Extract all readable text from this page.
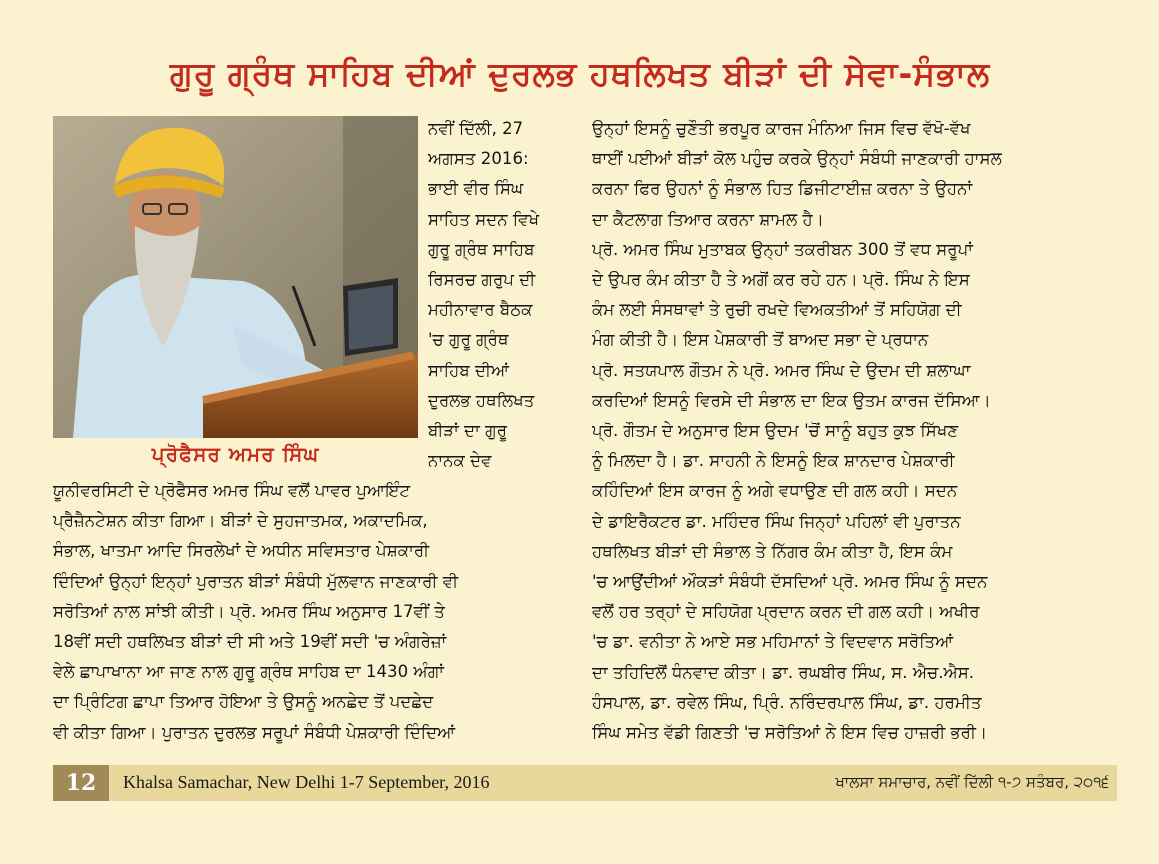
ਗੁਰੂ ਗ੍ਰੰਥ ਸਾਹਿਬ ਦੀਆਂ ਦੁਰਲਭ ਹਥਲਿਖਤ ਬੀੜਾਂ ਦੀ ਸੇਵਾ-ਸੰਭਾਲ
ਪ੍ਰੋਫੈਸਰ ਅਮਰ ਸਿੰਘ
ਨਵੀਂ ਦਿੱਲੀ, 27
ਅਗਸਤ 2016:
ਭਾਈ ਵੀਰ ਸਿੰਘ
ਸਾਹਿਤ ਸਦਨ ਵਿਖੇ
ਗੁਰੂ ਗ੍ਰੰਥ ਸਾਹਿਬ
ਰਿਸਰਚ ਗਰੁਪ ਦੀ
ਮਹੀਨਾਵਾਰ ਬੈਠਕ
'ਚ ਗੁਰੂ ਗ੍ਰੰਥ
ਸਾਹਿਬ ਦੀਆਂ
ਦੁਰਲਭ ਹਥਲਿਖਤ
ਬੀੜਾਂ ਦਾ ਗੁਰੂ
ਨਾਨਕ ਦੇਵ
ਯੂਨੀਵਰਸਿਟੀ ਦੇ ਪ੍ਰੋਫੈਸਰ ਅਮਰ ਸਿੰਘ ਵਲੋਂ ਪਾਵਰ ਪੁਆਇੰਟ
ਪ੍ਰੈਜ਼ੈਨਟੇਸ਼ਨ ਕੀਤਾ ਗਿਆ। ਬੀੜਾਂ ਦੇ ਸੁਹਜਾਤਮਕ, ਅਕਾਦਮਿਕ,
ਸੰਭਾਲ, ਖਾਤਮਾ ਆਦਿ ਸਿਰਲੇਖਾਂ ਦੇ ਅਧੀਨ ਸਵਿਸਤਾਰ ਪੇਸ਼ਕਾਰੀ
ਦਿੰਦਿਆਂ ਉਨ੍ਹਾਂ ਇਨ੍ਹਾਂ ਪੁਰਾਤਨ ਬੀੜਾਂ ਸੰਬੰਧੀ ਮੁੱਲਵਾਨ ਜਾਣਕਾਰੀ ਵੀ
ਸਰੋਤਿਆਂ ਨਾਲ ਸਾਂਝੀ ਕੀਤੀ। ਪ੍ਰੋ. ਅਮਰ ਸਿੰਘ ਅਨੁਸਾਰ 17ਵੀਂ ਤੇ
18ਵੀਂ ਸਦੀ ਹਥਲਿਖਤ ਬੀੜਾਂ ਦੀ ਸੀ ਅਤੇ 19ਵੀਂ ਸਦੀ 'ਚ ਅੰਗਰੇਜ਼ਾਂ
ਵੇਲੇ ਛਾਪਾਖਾਨਾ ਆ ਜਾਣ ਨਾਲ ਗੁਰੂ ਗ੍ਰੰਥ ਸਾਹਿਬ ਦਾ 1430 ਅੰਗਾਂ
ਦਾ ਪ੍ਰਿੰਟਿਗ ਛਾਪਾ ਤਿਆਰ ਹੋਇਆ ਤੇ ਉਸਨੂੰ ਅਨਛੇਦ ਤੋਂ ਪਦਛੇਦ
ਵੀ ਕੀਤਾ ਗਿਆ। ਪੁਰਾਤਨ ਦੁਰਲਭ ਸਰੂਪਾਂ ਸੰਬੰਧੀ ਪੇਸ਼ਕਾਰੀ ਦਿੰਦਿਆਂ
ਉਨ੍ਹਾਂ ਇਸਨੂੰ ਚੁਣੌਤੀ ਭਰਪੂਰ ਕਾਰਜ ਮੰਨਿਆ ਜਿਸ ਵਿਚ ਵੱਖੋ-ਵੱਖ
ਥਾਈਂ ਪਈਆਂ ਬੀੜਾਂ ਕੋਲ ਪਹੁੰਚ ਕਰਕੇ ਉਨ੍ਹਾਂ ਸੰਬੰਧੀ ਜਾਣਕਾਰੀ ਹਾਸਲ
ਕਰਨਾ ਫਿਰ ਉਹਨਾਂ ਨੂੰ ਸੰਭਾਲ ਹਿਤ ਡਿਜੀਟਾਈਜ਼ ਕਰਨਾ ਤੇ ਉਹਨਾਂ
ਦਾ ਕੈਟਲਾਗ ਤਿਆਰ ਕਰਨਾ ਸ਼ਾਮਲ ਹੈ।
ਪ੍ਰੋ. ਅਮਰ ਸਿੰਘ ਮੁਤਾਬਕ ਉਨ੍ਹਾਂ ਤਕਰੀਬਨ 300 ਤੋਂ ਵਧ ਸਰੂਪਾਂ
ਦੇ ਉਪਰ ਕੰਮ ਕੀਤਾ ਹੈ ਤੇ ਅਗੋਂ ਕਰ ਰਹੇ ਹਨ। ਪ੍ਰੋ. ਸਿੰਘ ਨੇ ਇਸ
ਕੰਮ ਲਈ ਸੰਸਥਾਵਾਂ ਤੇ ਰੁਚੀ ਰਖਦੇ ਵਿਅਕਤੀਆਂ ਤੋਂ ਸਹਿਯੋਗ ਦੀ
ਮੰਗ ਕੀਤੀ ਹੈ। ਇਸ ਪੇਸ਼ਕਾਰੀ ਤੋਂ ਬਾਅਦ ਸਭਾ ਦੇ ਪ੍ਰਧਾਨ
ਪ੍ਰੋ. ਸਤਯਪਾਲ ਗੌਤਮ ਨੇ ਪ੍ਰੋ. ਅਮਰ ਸਿੰਘ ਦੇ ਉਦਮ ਦੀ ਸ਼ਲਾਘਾ
ਕਰਦਿਆਂ ਇਸਨੂੰ ਵਿਰਸੇ ਦੀ ਸੰਭਾਲ ਦਾ ਇਕ ਉਤਮ ਕਾਰਜ ਦੱਸਿਆ।
ਪ੍ਰੋ. ਗੌਤਮ ਦੇ ਅਨੁਸਾਰ ਇਸ ਉਦਮ 'ਚੋਂ ਸਾਨੂੰ ਬਹੁਤ ਕੁਝ ਸਿੱਖਣ
ਨੂੰ ਮਿਲਦਾ ਹੈ। ਡਾ. ਸਾਹਨੀ ਨੇ ਇਸਨੂੰ ਇਕ ਸ਼ਾਨਦਾਰ ਪੇਸ਼ਕਾਰੀ
ਕਹਿੰਦਿਆਂ ਇਸ ਕਾਰਜ ਨੂੰ ਅਗੇ ਵਧਾਉਣ ਦੀ ਗਲ ਕਹੀ। ਸਦਨ
ਦੇ ਡਾਇਰੈਕਟਰ ਡਾ. ਮਹਿੰਦਰ ਸਿੰਘ ਜਿਨ੍ਹਾਂ ਪਹਿਲਾਂ ਵੀ ਪੁਰਾਤਨ
ਹਥਲਿਖਤ ਬੀੜਾਂ ਦੀ ਸੰਭਾਲ ਤੇ ਨਿੱਗਰ ਕੰਮ ਕੀਤਾ ਹੈ, ਇਸ ਕੰਮ
'ਚ ਆਉਂਦੀਆਂ ਔਕੜਾਂ ਸੰਬੰਧੀ ਦੱਸਦਿਆਂ ਪ੍ਰੋ. ਅਮਰ ਸਿੰਘ ਨੂੰ ਸਦਨ
ਵਲੋਂ ਹਰ ਤਰ੍ਹਾਂ ਦੇ ਸਹਿਯੋਗ ਪ੍ਰਦਾਨ ਕਰਨ ਦੀ ਗਲ ਕਹੀ। ਅਖੀਰ
'ਚ ਡਾ. ਵਨੀਤਾ ਨੇ ਆਏ ਸਭ ਮਹਿਮਾਨਾਂ ਤੇ ਵਿਦਵਾਨ ਸਰੋਤਿਆਂ
ਦਾ ਤਹਿਦਿਲੋਂ ਧੰਨਵਾਦ ਕੀਤਾ। ਡਾ. ਰਘਬੀਰ ਸਿੰਘ, ਸ. ਐਚ.ਐਸ.
ਹੰਸਪਾਲ, ਡਾ. ਰਵੇਲ ਸਿੰਘ, ਪ੍ਰਿੰ. ਨਰਿੰਦਰਪਾਲ ਸਿੰਘ, ਡਾ. ਹਰਮੀਤ
ਸਿੰਘ ਸਮੇਤ ਵੱਡੀ ਗਿਣਤੀ 'ਚ ਸਰੋਤਿਆਂ ਨੇ ਇਸ ਵਿਚ ਹਾਜ਼ਰੀ ਭਰੀ।
12	Khalsa Samachar, New Delhi 1-7 September, 2016	ਖਾਲਸਾ ਸਮਾਚਾਰ, ਨਵੀਂ ਦਿੱਲੀ ੧-੭ ਸਤੰਬਰ, ੨੦੧੬
